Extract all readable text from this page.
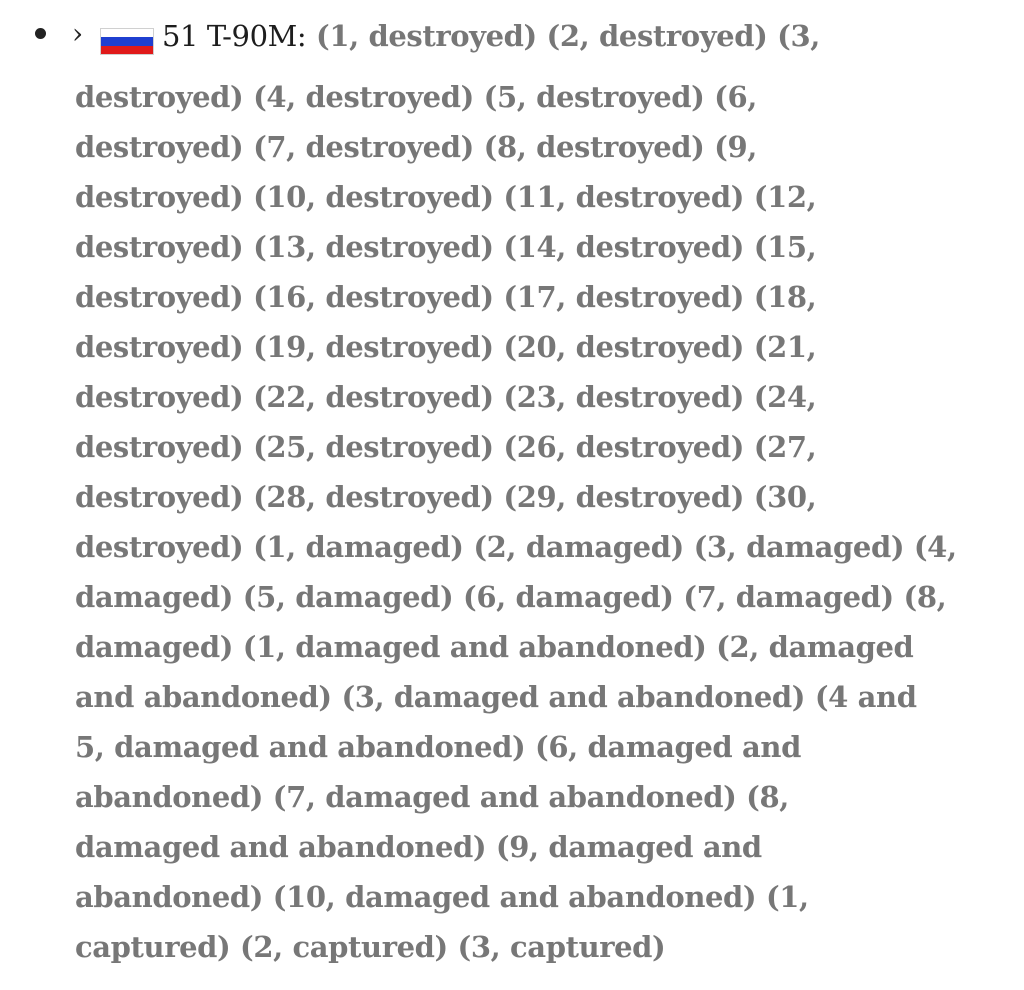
›	51 T-90M: (1, destroyed) (2, destroyed) (3,
destroyed) (4, destroyed) (5, destroyed) (6,
destroyed) (7, destroyed) (8, destroyed) (9,
destroyed) (10, destroyed) (11, destroyed) (12,
destroyed) (13, destroyed) (14, destroyed) (15,
destroyed) (16, destroyed) (17, destroyed) (18,
destroyed) (19, destroyed) (20, destroyed) (21,
destroyed) (22, destroyed) (23, destroyed) (24,
destroyed) (25, destroyed) (26, destroyed) (27,
destroyed) (28, destroyed) (29, destroyed) (30,
destroyed) (1, damaged) (2, damaged) (3, damaged) (4,
damaged) (5, damaged) (6, damaged) (7, damaged) (8,
damaged) (1, damaged and abandoned) (2, damaged
and abandoned) (3, damaged and abandoned) (4 and
5, damaged and abandoned) (6, damaged and
abandoned) (7, damaged and abandoned) (8,
damaged and abandoned) (9, damaged and
abandoned) (10, damaged and abandoned) (1,
captured) (2, captured) (3, captured)
